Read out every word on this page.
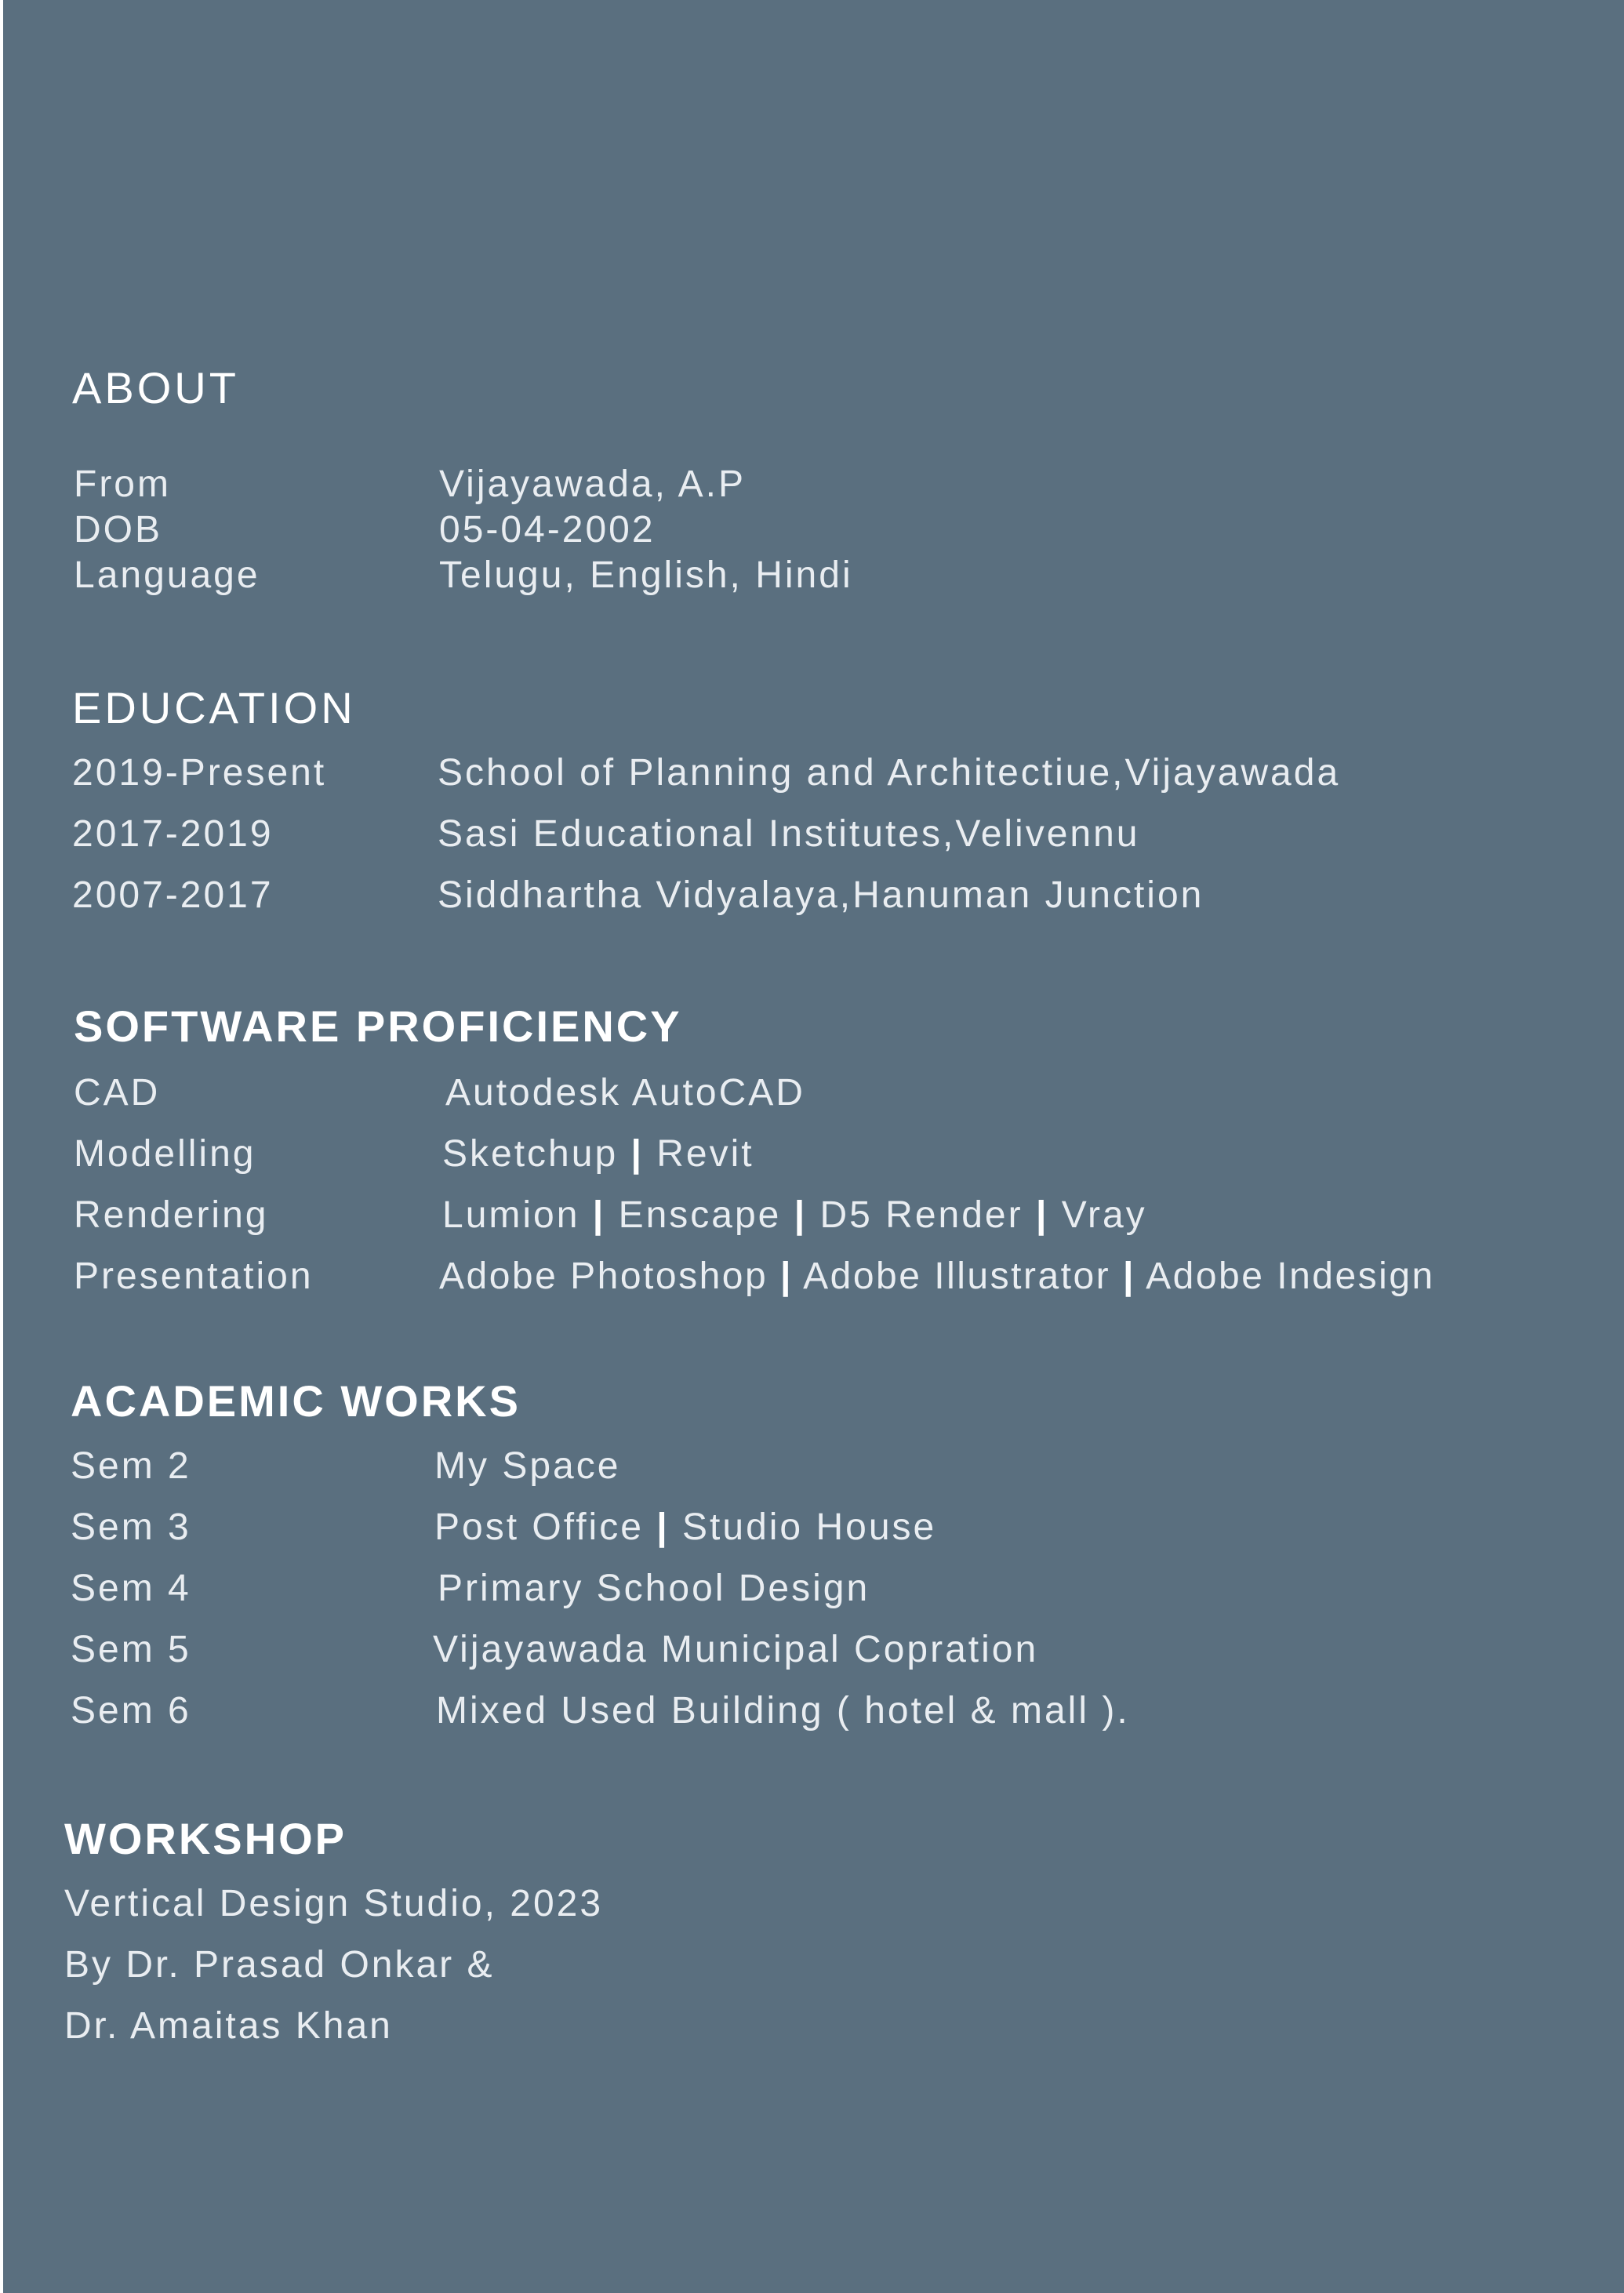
ABOUT
From	Vijayawada, A.P
DOB	05-04-2002
Language	Telugu, English, Hindi
EDUCATION
2019-Present	School of Planning and Architectiue,Vijayawada
2017-2019	Sasi Educational Institutes,Velivennu
2007-2017	Siddhartha Vidyalaya,Hanuman Junction
SOFTWARE PROFICIENCY
CAD	Autodesk AutoCAD
Modelling	Sketchup | Revit
Rendering	Lumion | Enscape | D5 Render | Vray
Presentation	Adobe Photoshop | Adobe Illustrator | Adobe Indesign
ACADEMIC WORKS
Sem 2	My Space
Sem 3	Post Office | Studio House
Sem 4	Primary School Design
Sem 5	Vijayawada Municipal Copration
Sem 6	Mixed Used Building ( hotel & mall ).
WORKSHOP
Vertical Design Studio, 2023
By Dr. Prasad Onkar &
Dr. Amaitas Khan
